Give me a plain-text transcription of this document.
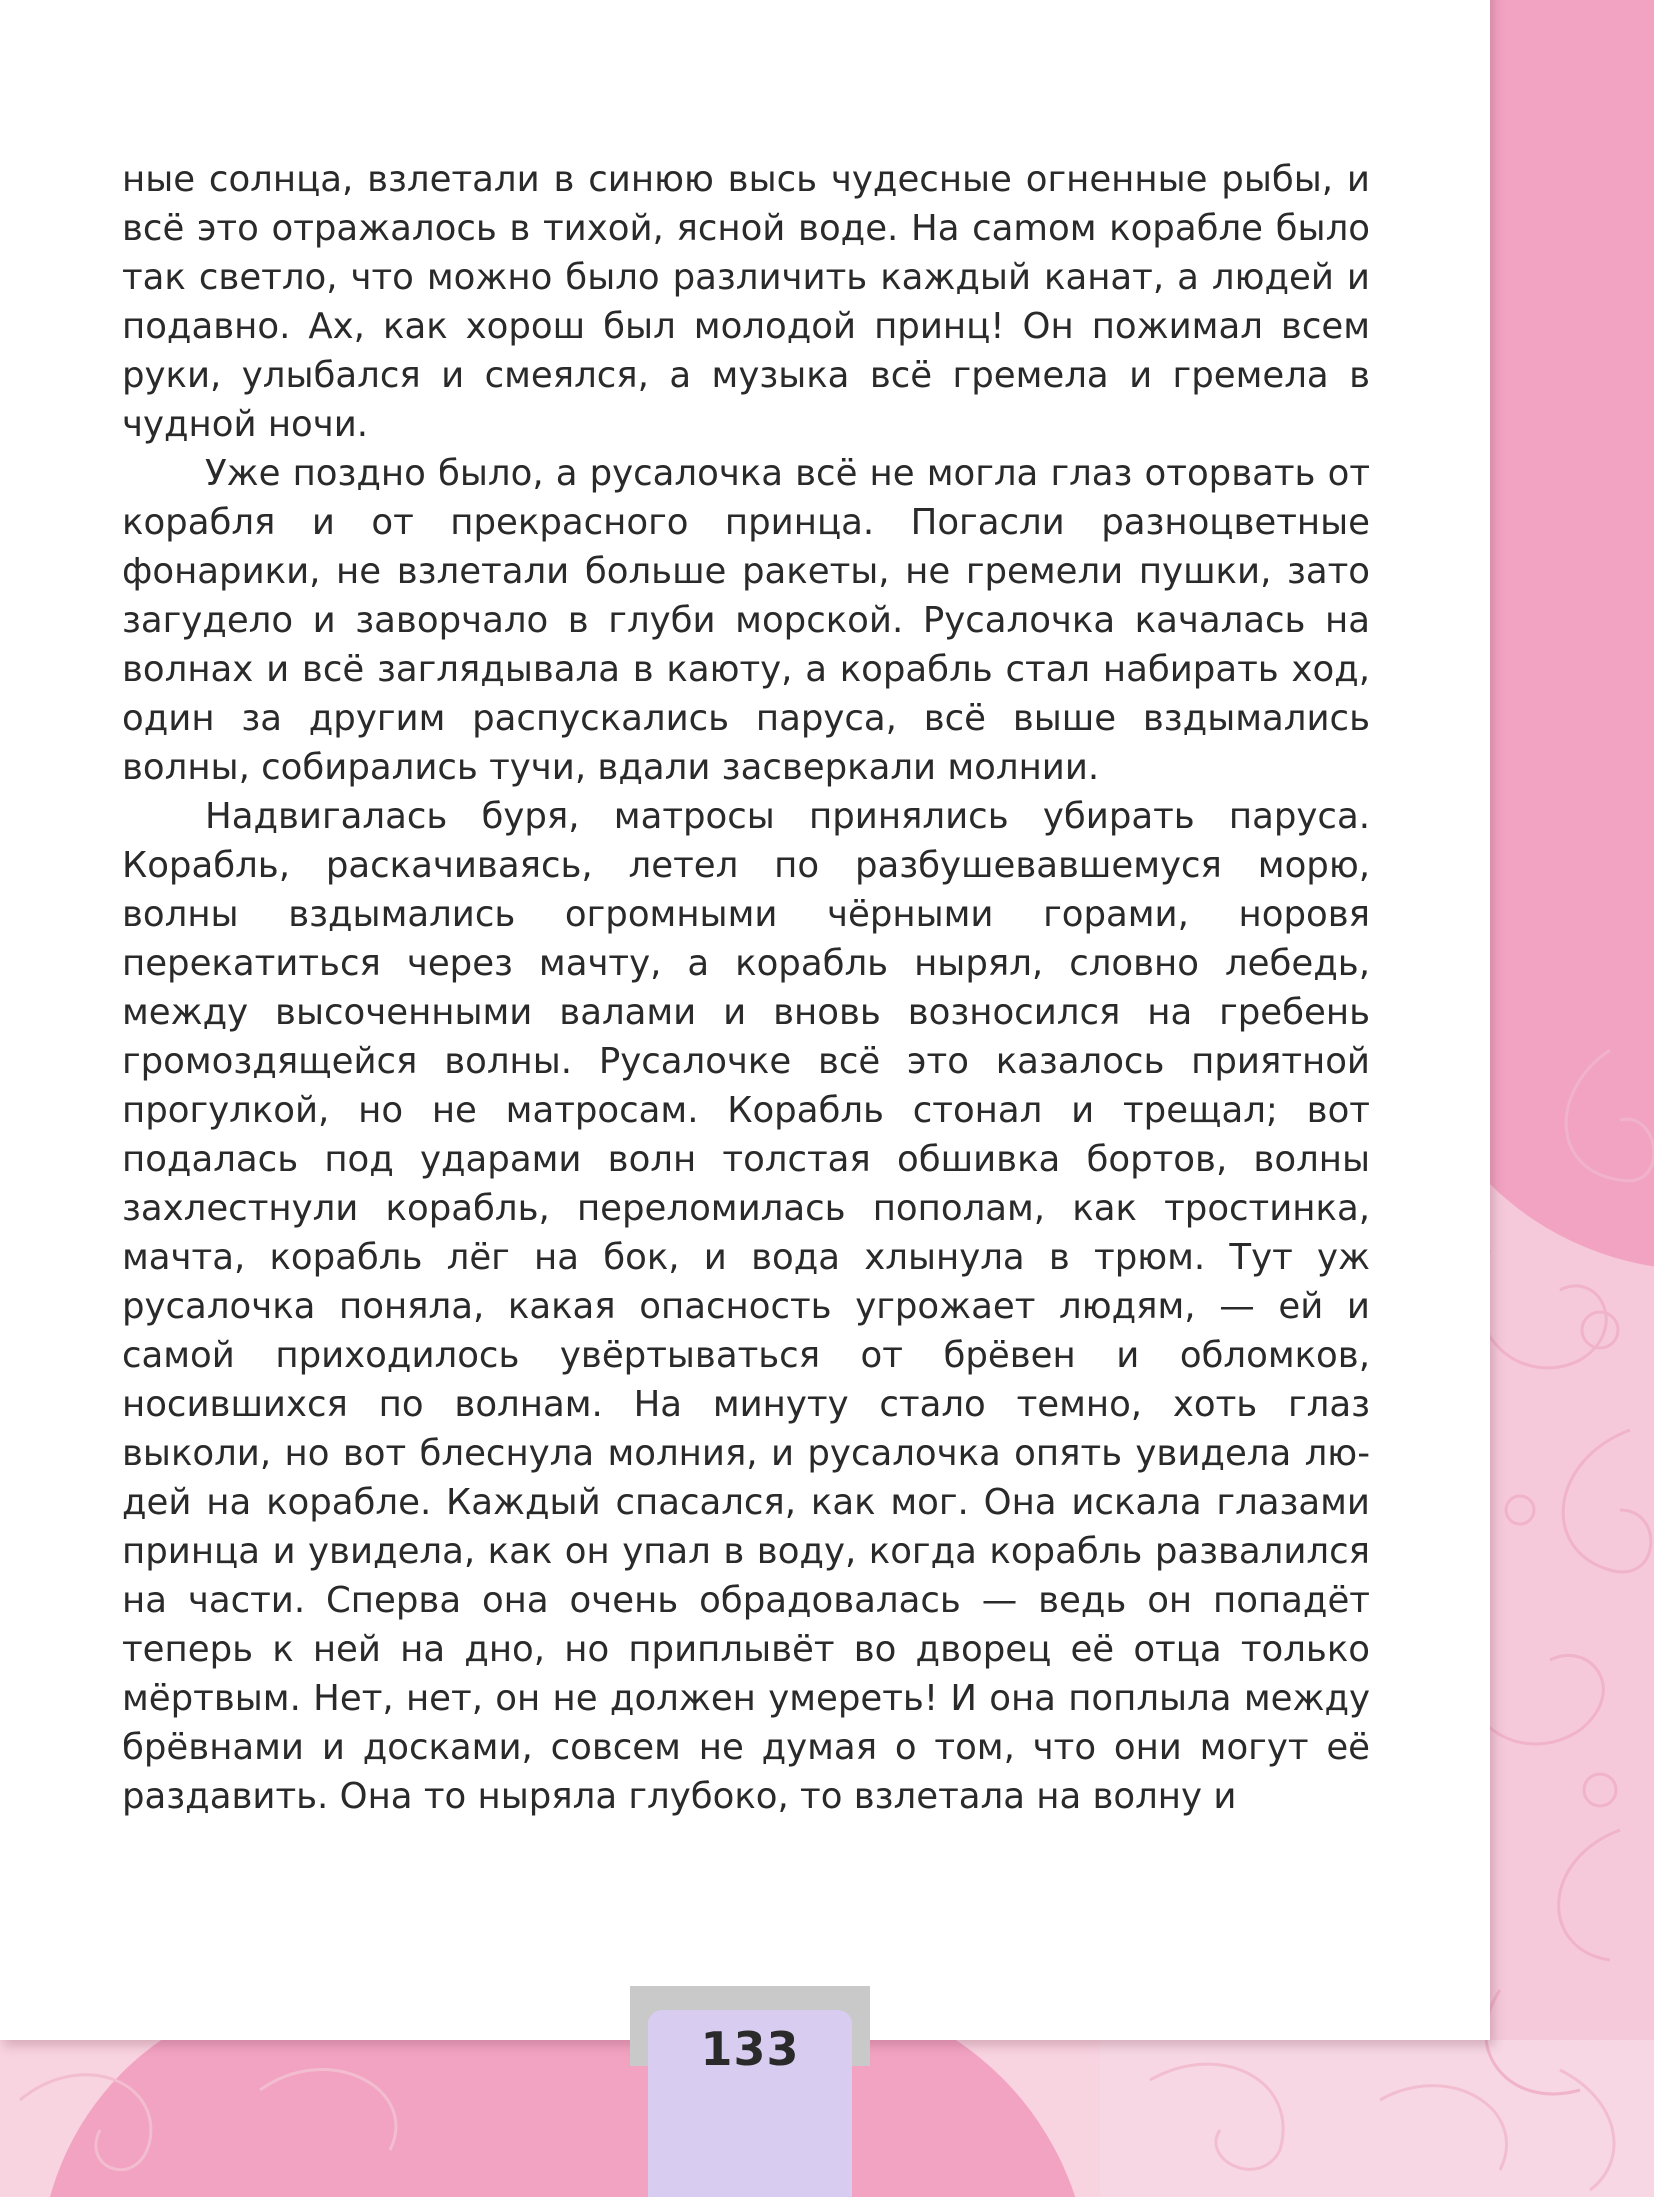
ные солнца, взлетали в синюю высь чудесные огненные рыбы, и всё это отражалось в тихой, ясной воде. На саmом корабле было так светло, что можно было различить каждый канат, а людей и подавно. Ах, как хорош был молодой принц! Он пожимал всем руки, улыбался и смеялся, а музыка всё гремела и гремела в чудной ночи.

Уже поздно было, а русалочка всё не могла глаз оторвать от корабля и от прекрасного принца. Погасли разноцветные фонарики, не взлетали больше ракеты, не гремели пушки, зато загудело и заворчало в глуби морской. Русалочка качалась на волнах и всё заглядывала в каюту, а корабль стал набирать ход, один за другим распускались паруса, всё выше вздымались волны, собирались тучи, вдали засверкали молнии.

Надвигалась буря, матросы принялись убирать паруса. Корабль, раскачиваясь, летел по разбушевавшемуся морю, волны вздымались огромными чёрными горами, норовя перекатиться через мачту, а корабль нырял, словно лебедь, между высоченными валами и вновь возносился на гребень громоздящейся волны. Русалочке всё это казалось приятной прогулкой, но не матросам. Корабль стонал и трещал; вот подалась под ударами волн толстая обшивка бортов, волны захлестнули корабль, переломилась пополам, как тростинка, мачта, корабль лёг на бок, и вода хлынула в трюм. Тут уж русалочка поняла, какая опасность угрожает людям, — ей и самой приходилось увёртываться от брёвен и обломков, носившихся по волнам. На минуту стало темно, хоть глаз выколи, но вот блеснула молния, и русалочка опять увидела людей на корабле. Каждый спасался, как мог. Она искала глазами принца и увидела, как он упал в воду, когда корабль развалился на части. Сперва она очень обрадовалась — ведь он попадёт теперь к ней на дно, но приплывёт во дворец её отца только мёртвым. Нет, нет, он не должен умереть! И она поплыла между брёвнами и досками, совсем не думая о том, что они могут её раздавить. Она то ныряла глубоко, то взлетала на волну и

133
